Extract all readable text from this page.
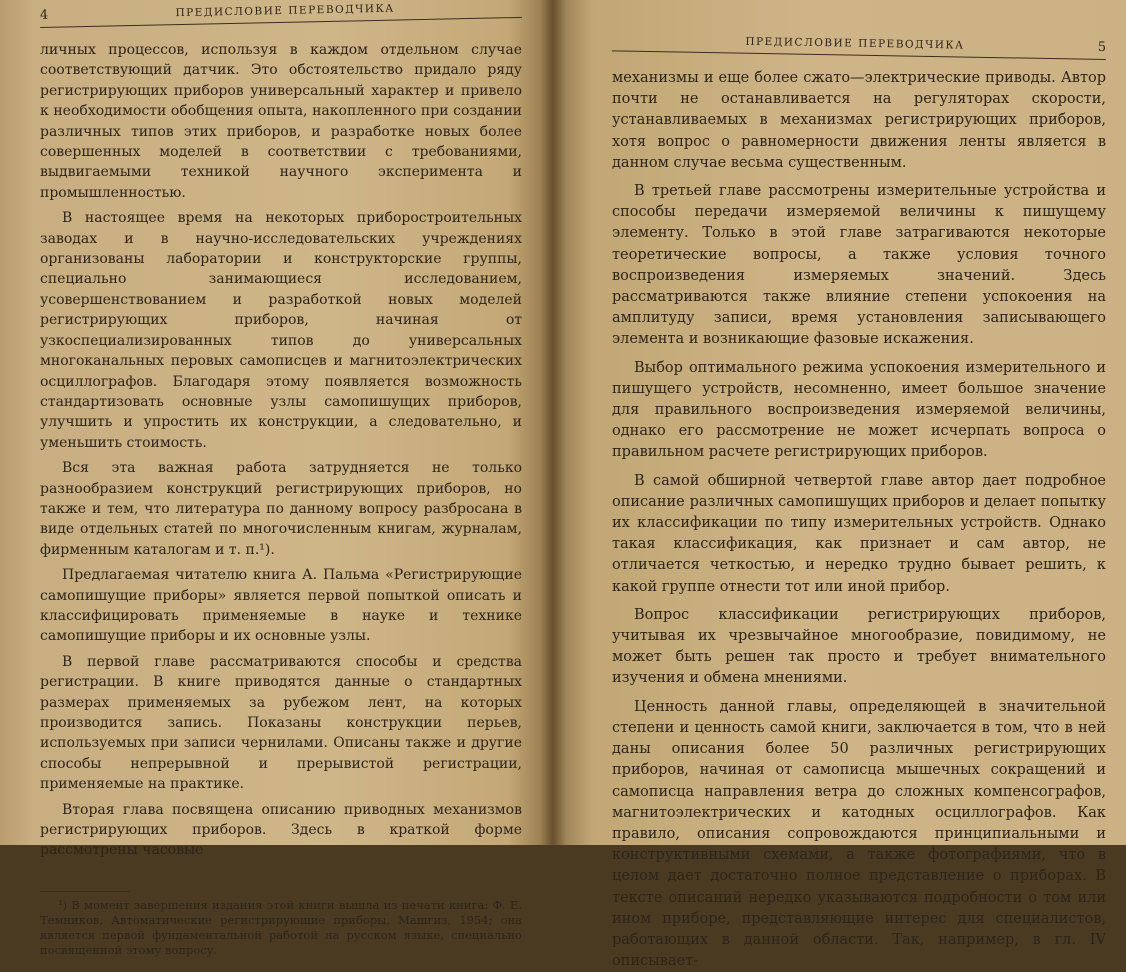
4	ПРЕДИСЛОВИЕ ПЕРЕВОДЧИКА

личных процессов, используя в каждом отдельном случае соответствующий датчик. Это обстоятельство придало ряду регистрирующих приборов универсальный характер и привело к необходимости обобщения опыта, накопленного при создании различных типов этих приборов, и разработке новых более совершенных моделей в соответствии с требованиями, выдвигаемыми техникой научного эксперимента и промышленностью.

В настоящее время на некоторых приборостроительных заводах и в научно-исследовательских учреждениях организованы лаборатории и конструкторские группы, специально занимающиеся исследованием, усовершенствованием и разработкой новых моделей регистрирующих приборов, начиная от узкоспециализированных типов до универсальных многоканальных перовых самописцев и магнитоэлектрических осциллографов. Благодаря этому появляется возможность стандартизовать основные узлы самопишущих приборов, улучшить и упростить их конструкции, а следовательно, и уменьшить стоимость.

Вся эта важная работа затрудняется не только разнообразием конструкций регистрирующих приборов, но также и тем, что литература по данному вопросу разбросана в виде отдельных статей по многочисленным книгам, журналам, фирменным каталогам и т. п.¹).

Предлагаемая читателю книга А. Пальма «Регистрирующие самопишущие приборы» является первой попыткой описать и классифицировать применяемые в науке и технике самопишущие приборы и их основные узлы.

В первой главе рассматриваются способы и средства регистрации. В книге приводятся данные о стандартных размерах применяемых за рубежом лент, на которых производится запись. Показаны конструкции перьев, используемых при записи чернилами. Описаны также и другие способы непрерывной и прерывистой регистрации, применяемые на практике.

Вторая глава посвящена описанию приводных механизмов регистрирующих приборов. Здесь в краткой форме рассмотрены часовые

¹) В момент завершения издания этой книги вышла из печати книга: Ф. Е. Темников, Автоматические регистрирующие приборы, Машгиз, 1954; она является первой фундаментальной работой на русском языке, специально посвященной этому вопросу.

ПРЕДИСЛОВИЕ ПЕРЕВОДЧИКА	5

механизмы и еще более сжато—электрические приводы. Автор почти не останавливается на регуляторах скорости, устанавливаемых в механизмах регистрирующих приборов, хотя вопрос о равномерности движения ленты является в данном случае весьма существенным.

В третьей главе рассмотрены измерительные устройства и способы передачи измеряемой величины к пишущему элементу. Только в этой главе затрагиваются некоторые теоретические вопросы, а также условия точного воспроизведения измеряемых значений. Здесь рассматриваются также влияние степени успокоения на амплитуду записи, время установления записывающего элемента и возникающие фазовые искажения.

Выбор оптимального режима успокоения измерительного и пишущего устройств, несомненно, имеет большое значение для правильного воспроизведения измеряемой величины, однако его рассмотрение не может исчерпать вопроса о правильном расчете регистрирующих приборов.

В самой обширной четвертой главе автор дает подробное описание различных самопишущих приборов и делает попытку их классификации по типу измерительных устройств. Однако такая классификация, как признает и сам автор, не отличается четкостью, и нередко трудно бывает решить, к какой группе отнести тот или иной прибор.

Вопрос классификации регистрирующих приборов, учитывая их чрезвычайное многообразие, повидимому, не может быть решен так просто и требует внимательного изучения и обмена мнениями.

Ценность данной главы, определяющей в значительной степени и ценность самой книги, заключается в том, что в ней даны описания более 50 различных регистрирующих приборов, начиная от самописца мышечных сокращений и самописца направления ветра до сложных компенсографов, магнитоэлектрических и катодных осциллографов. Как правило, описания сопровождаются принципиальными и конструктивными схемами, а также фотографиями, что в целом дает достаточно полное представление о приборах. В тексте описаний нередко указываются подробности о том или ином приборе, представляющие интерес для специалистов, работающих в данной области. Так, например, в гл. IV описывает-
